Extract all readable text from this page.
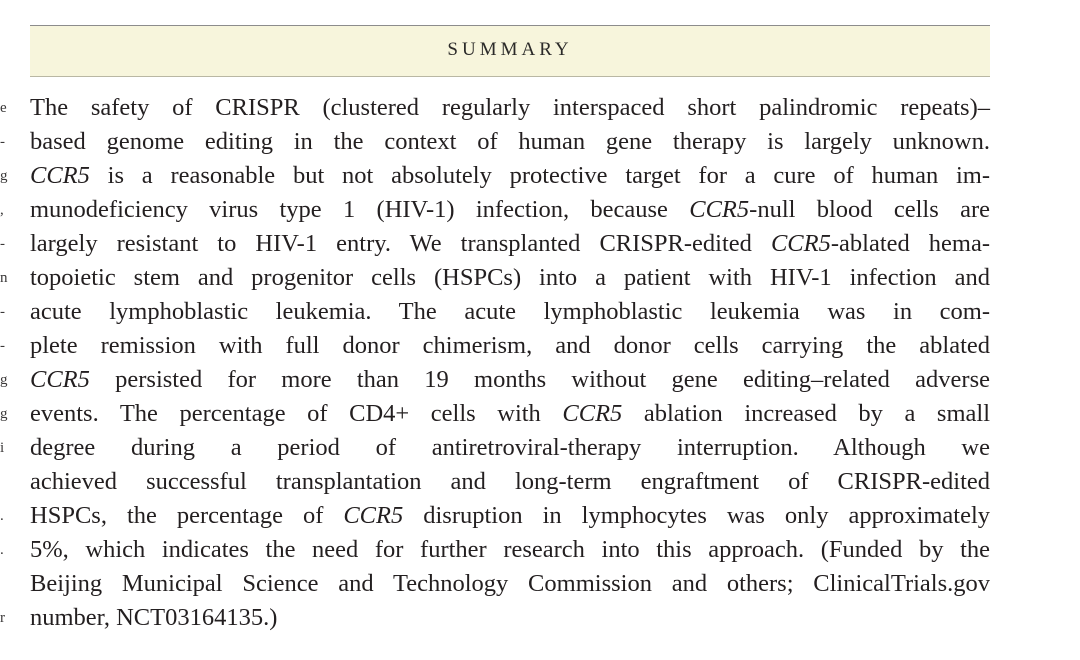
SUMMARY
e
-
g
,
-
n
-
-
g
g
i
.
.
r
The safety of CRISPR (clustered regularly interspaced short palindromic repeats)–
based genome editing in the context of human gene therapy is largely unknown.
CCR5 is a reasonable but not absolutely protective target for a cure of human im-
munodeficiency virus type 1 (HIV-1) infection, because CCR5-null blood cells are
largely resistant to HIV-1 entry. We transplanted CRISPR-edited CCR5-ablated hema-
topoietic stem and progenitor cells (HSPCs) into a patient with HIV-1 infection and
acute lymphoblastic leukemia. The acute lymphoblastic leukemia was in com-
plete remission with full donor chimerism, and donor cells carrying the ablated
CCR5 persisted for more than 19 months without gene editing–related adverse
events. The percentage of CD4+ cells with CCR5 ablation increased by a small
degree during a period of antiretroviral-therapy interruption. Although we
achieved successful transplantation and long-term engraftment of CRISPR-edited
HSPCs, the percentage of CCR5 disruption in lymphocytes was only approximately
5%, which indicates the need for further research into this approach. (Funded by the
Beijing Municipal Science and Technology Commission and others; ClinicalTrials.gov
number, NCT03164135.)
